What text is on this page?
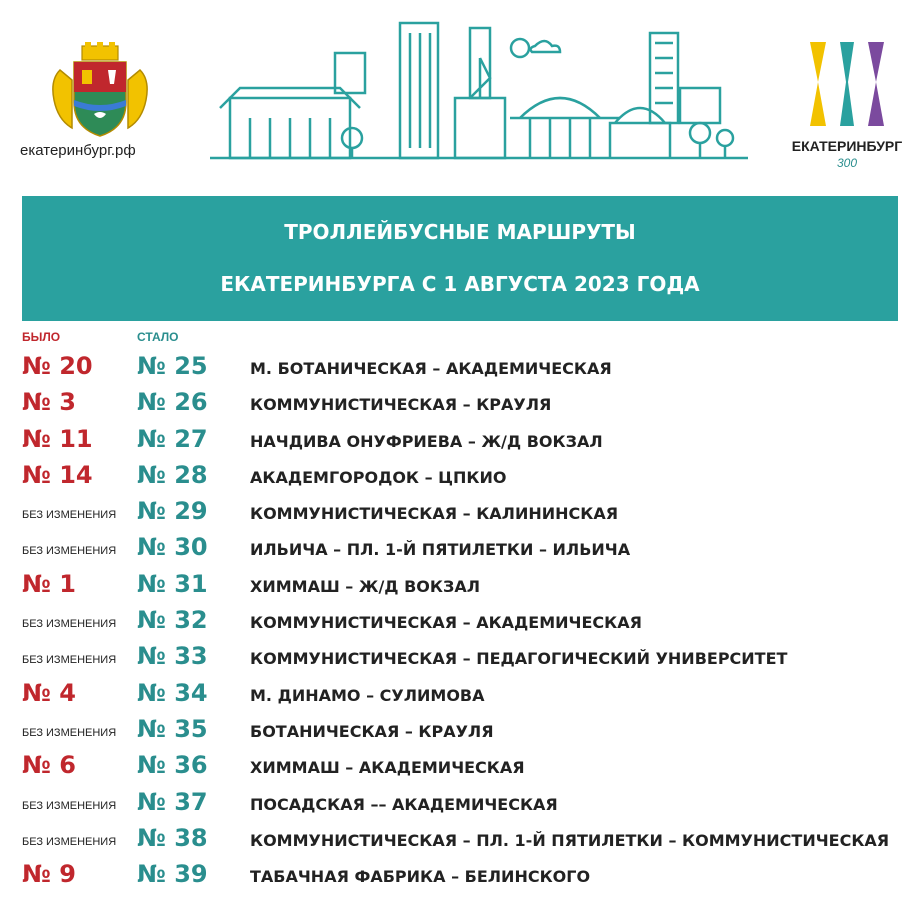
екатеринбург.рф	ЕКАТЕРИНБУРГ
300
ТРОЛЛЕЙБУСНЫЕ МАРШРУТЫ
ЕКАТЕРИНБУРГА С 1 АВГУСТА 2023 ГОДА
БЫЛО	СТАЛО
№ 20 № 25	М. БОТАНИЧЕСКАЯ – АКАДЕМИЧЕСКАЯ
№ 3	№ 26	КОММУНИСТИЧЕСКАЯ – КРАУЛЯ
№ 11 № 27	НАЧДИВА ОНУФРИЕВА – Ж/Д ВОКЗАЛ
№ 14 № 28	АКАДЕМГОРОДОК – ЦПКИО
БЕЗ ИЗМЕНЕНИЯ № 29	КОММУНИСТИЧЕСКАЯ – КАЛИНИНСКАЯ
БЕЗ ИЗМЕНЕНИЯ № 30	ИЛЬИЧА – ПЛ. 1-Й ПЯТИЛЕТКИ – ИЛЬИЧА
№ 1	№ 31	ХИММАШ – Ж/Д ВОКЗАЛ
БЕЗ ИЗМЕНЕНИЯ № 32	КОММУНИСТИЧЕСКАЯ – АКАДЕМИЧЕСКАЯ
БЕЗ ИЗМЕНЕНИЯ № 33	КОММУНИСТИЧЕСКАЯ – ПЕДАГОГИЧЕСКИЙ УНИВЕРСИТЕТ
№ 4	№ 34	М. ДИНАМО – СУЛИМОВА
БЕЗ ИЗМЕНЕНИЯ № 35	БОТАНИЧЕСКАЯ – КРАУЛЯ
№ 6	№ 36	ХИММАШ – АКАДЕМИЧЕСКАЯ
БЕЗ ИЗМЕНЕНИЯ № 37	ПОСАДСКАЯ –– АКАДЕМИЧЕСКАЯ
БЕЗ ИЗМЕНЕНИЯ № 38	КОММУНИСТИЧЕСКАЯ – ПЛ. 1-Й ПЯТИЛЕТКИ – КОММУНИСТИЧЕСКАЯ
№ 9	№ 39	ТАБАЧНАЯ ФАБРИКА – БЕЛИНСКОГО
